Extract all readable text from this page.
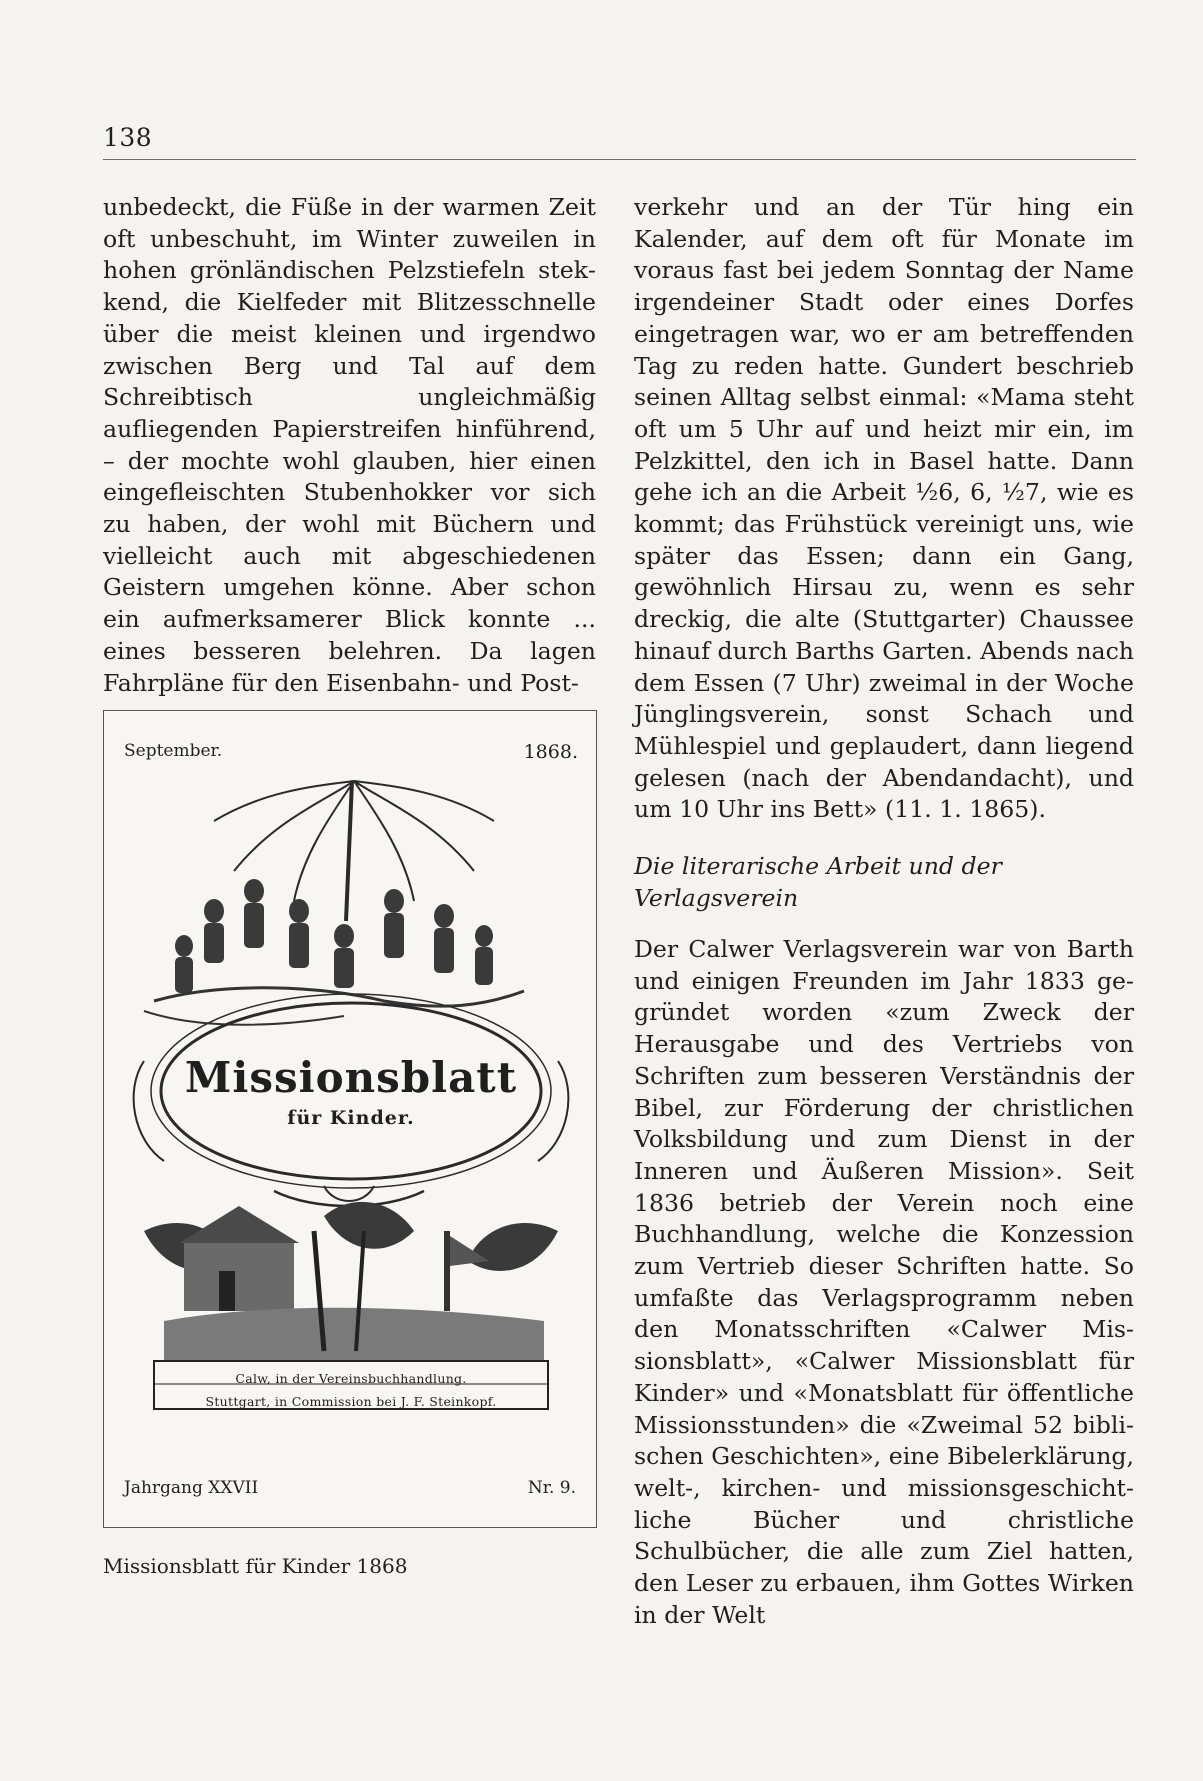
138

unbedeckt, die Füße in der warmen Zeit oft unbeschuht, im Winter zuweilen in hohen grönländischen Pelzstiefeln stekkend, die Kielfeder mit Blitzesschnelle über die meist kleinen und irgendwo zwischen Berg und Tal auf dem Schreibtisch ungleichmäßig aufliegenden Papierstreifen hinführend, – der mochte wohl glauben, hier einen eingefleischten Stubenhokker vor sich zu haben, der wohl mit Büchern und vielleicht auch mit abgeschiedenen Geistern umgehen könne. Aber schon ein aufmerksamerer Blick konnte ... eines besseren belehren. Da lagen Fahrpläne für den Eisenbahn- und Post-

September.	1868.
Missionsblatt
für Kinder.
Calw, in der Vereinsbuchhandlung.
Stuttgart, in Commission bei J. F. Steinkopf.
Jahrgang XXVII	Nr. 9.
Missionsblatt für Kinder 1868

verkehr und an der Tür hing ein Kalender, auf dem oft für Monate im voraus fast bei jedem Sonntag der Name irgendeiner Stadt oder eines Dorfes eingetragen war, wo er am betreffenden Tag zu reden hatte. Gundert beschrieb seinen Alltag selbst einmal: «Mama steht oft um 5 Uhr auf und heizt mir ein, im Pelzkittel, den ich in Basel hatte. Dann gehe ich an die Arbeit ½6, 6, ½7, wie es kommt; das Frühstück vereinigt uns, wie später das Essen; dann ein Gang, gewöhnlich Hirsau zu, wenn es sehr dreckig, die alte (Stuttgarter) Chaussee hinauf durch Barths Garten. Abends nach dem Essen (7 Uhr) zweimal in der Woche Jünglingsverein, sonst Schach und Mühlespiel und geplaudert, dann liegend gelesen (nach der Abendandacht), und um 10 Uhr ins Bett» (11. 1. 1865).

Die literarische Arbeit und der
Verlagsverein

Der Calwer Verlagsverein war von Barth und einigen Freunden im Jahr 1833 gegründet worden «zum Zweck der Herausgabe und des Vertriebs von Schriften zum besseren Verständnis der Bibel, zur Förderung der christlichen Volksbildung und zum Dienst in der Inneren und Äußeren Mission». Seit 1836 betrieb der Verein noch eine Buchhandlung, welche die Konzession zum Vertrieb dieser Schriften hatte. So umfaßte das Verlagsprogramm neben den Monatsschriften «Calwer Missionsblatt», «Calwer Missionsblatt für Kinder» und «Monatsblatt für öffentliche Missionsstunden» die «Zweimal 52 biblischen Geschichten», eine Bibelerklärung, welt-, kirchen- und missionsgeschichtliche Bücher und christliche Schulbücher, die alle zum Ziel hatten, den Leser zu erbauen, ihm Gottes Wirken in der Welt
